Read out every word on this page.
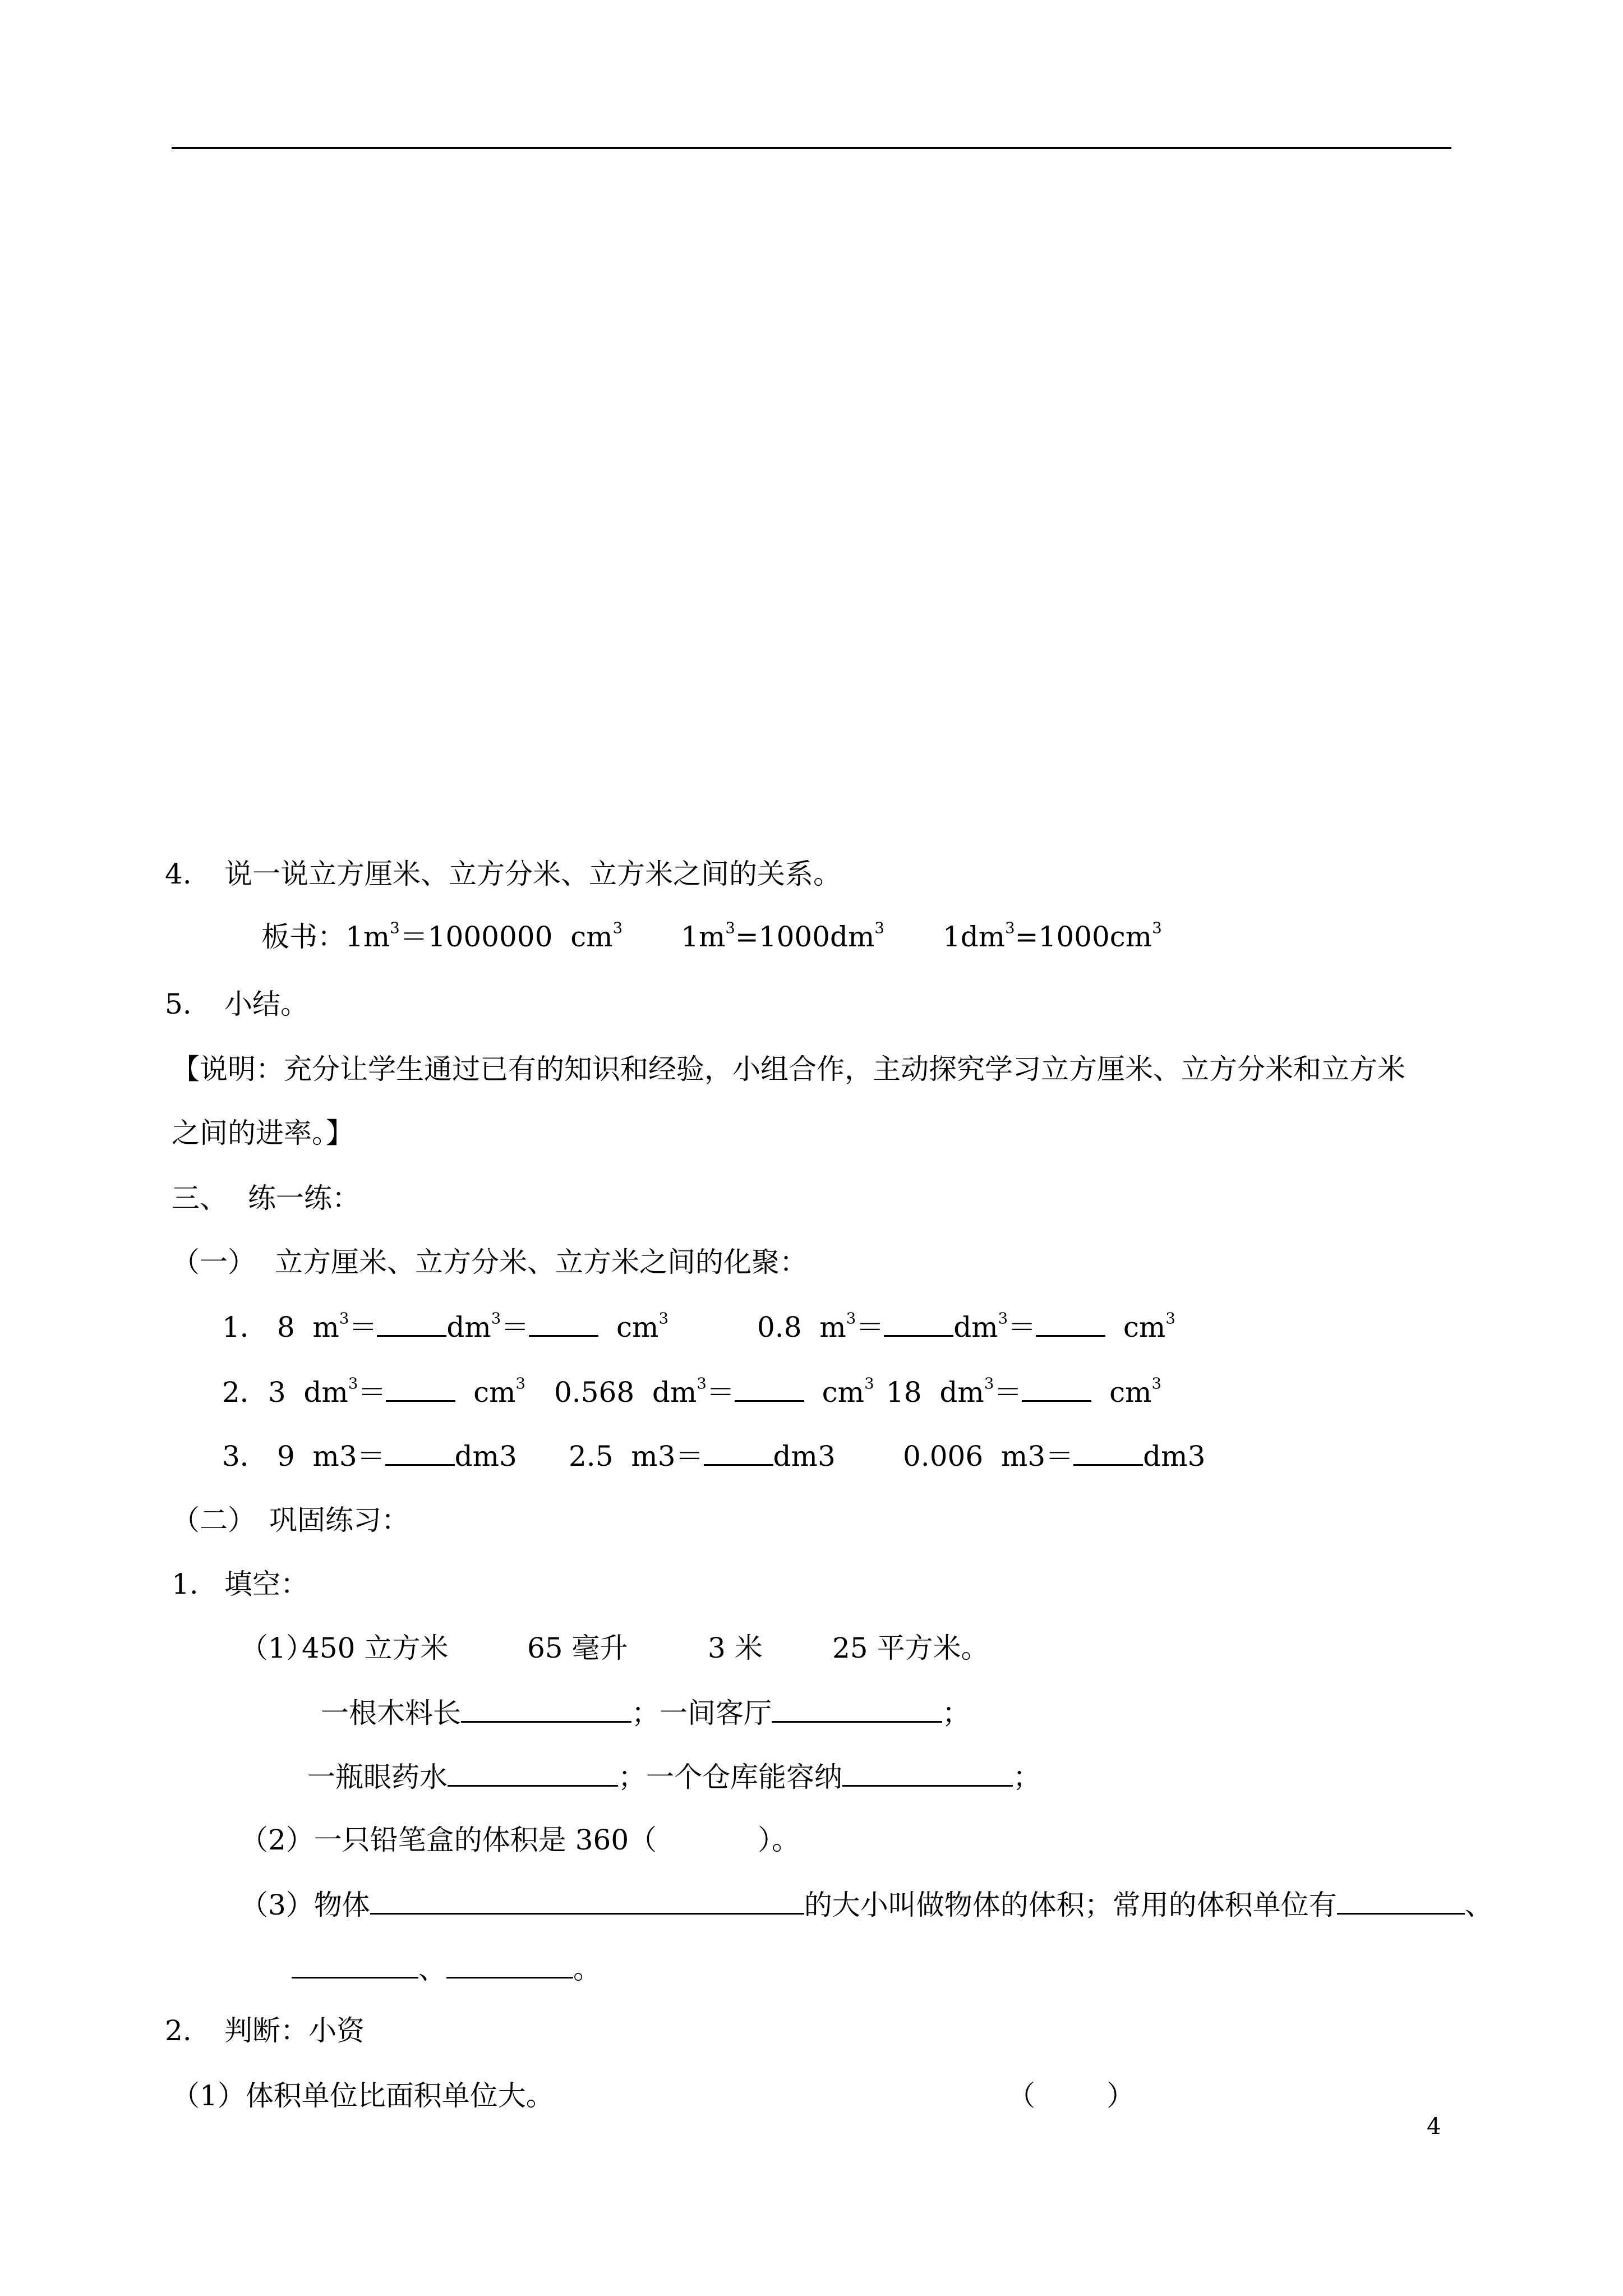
4. 说一说立方厘米、立方分米、立方米之间的关系。
板书：$1m^3=1000000$  $cm^3$ $1m^3=1000dm^3$ $1dm^3=1000cm^3$
5. 小结。
【说明：充分让学生通过已有的知识和经验，小组合作，主动探究学习立方厘米、立方分米和立方米
之间的进率。】
三、 练一练：
（一） 立方厘米、立方分米、立方米之间的化聚：
1． 8  $m^3= dm^3= cm^3$	0.8  $m^3= dm^3= cm^3$
2．3  $dm^3= cm^3$ 0.568  $dm^3= cm^3$ 18  $dm^3= cm^3$
3． 9  m3＝ dm3 2.5  m3＝ dm3 0.006  m3＝ dm3
（二） 巩固练习：
1. 填空：
（1）
450 立方米	65 毫升	3 米 25 平方米。
一根木料长	；一间客厅	；
一瓶眼药水	；一个仓库能容纳	；
（2）一只铅笔盒的体积是 360（	）。
（3）物体	的大小叫做物体的体积；常用的体积单位有	、
、	。
2. 判断：小资
（1）体积单位比面积单位大。	（        ）
4
